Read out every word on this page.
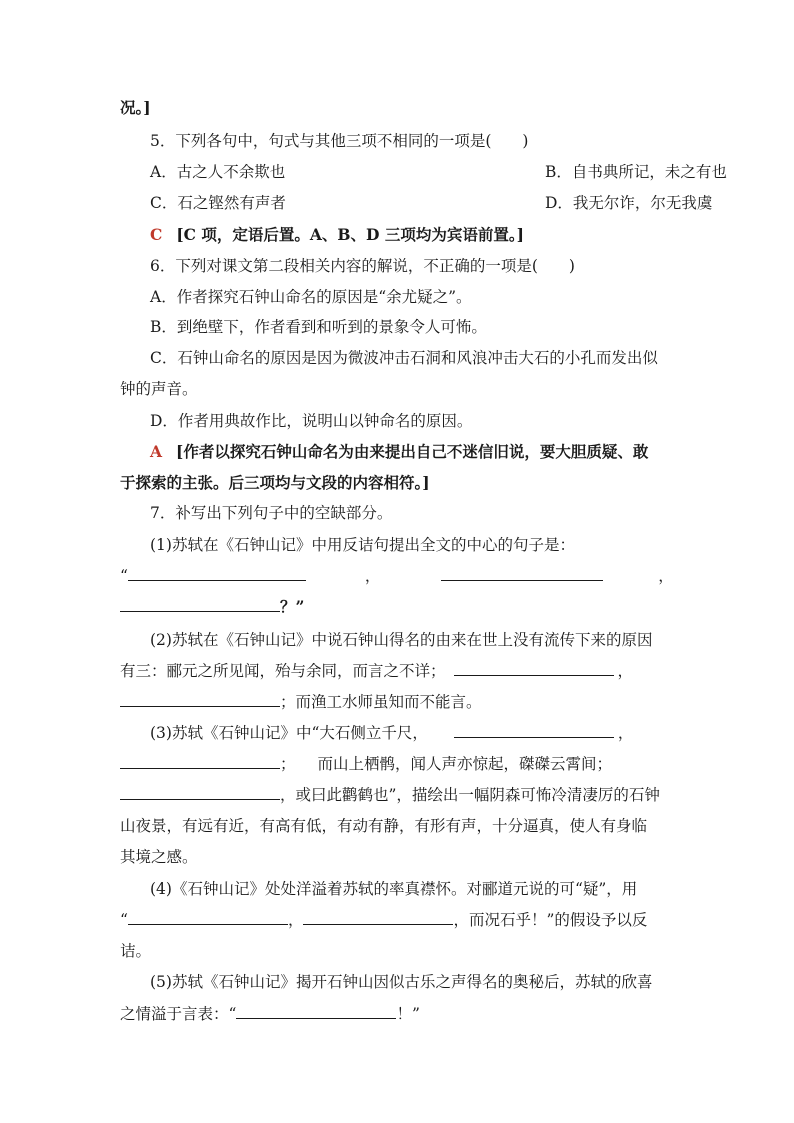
况。]
5．下列各句中，句式与其他三项不相同的一项是(　　)
A．古之人不余欺也	B．自书典所记，未之有也
C．石之铿然有声者	D．我无尔诈，尔无我虞
C [C 项，定语后置。A、B、D 三项均为宾语前置。]
6．下列对课文第二段相关内容的解说，不正确的一项是(　　)
A．作者探究石钟山命名的原因是“余尤疑之”。
B．到绝壁下，作者看到和听到的景象令人可怖。
C．石钟山命名的原因是因为微波冲击石洞和风浪冲击大石的小孔而发出似
钟的声音。
D．作者用典故作比，说明山以钟命名的原因。
A [作者以探究石钟山命名为由来提出自己不迷信旧说，要大胆质疑、敢
于探索的主张。后三项均与文段的内容相符。]
7．补写出下列句子中的空缺部分。
(1)苏轼在《石钟山记》中用反诘句提出全文的中心的句子是：
“	，	，
？”
(2)苏轼在《石钟山记》中说石钟山得名的由来在世上没有流传下来的原因
有三：郦元之所见闻，殆与余同，而言之不详；	，
；而渔工水师虽知而不能言。
(3)苏轼《石钟山记》中“大石侧立千尺，	，
； 而山上栖鹘，闻人声亦惊起，磔磔云霄间；
，或曰此鹳鹤也”，描绘出一幅阴森可怖冷清凄厉的石钟
山夜景，有远有近，有高有低，有动有静，有形有声，十分逼真，使人有身临
其境之感。
(4)《石钟山记》处处洋溢着苏轼的率真襟怀。对郦道元说的可“疑”，用
“	，	，而况石乎！”的假设予以反
诘。
(5)苏轼《石钟山记》揭开石钟山因似古乐之声得名的奥秘后，苏轼的欣喜
之情溢于言表：“	！”
